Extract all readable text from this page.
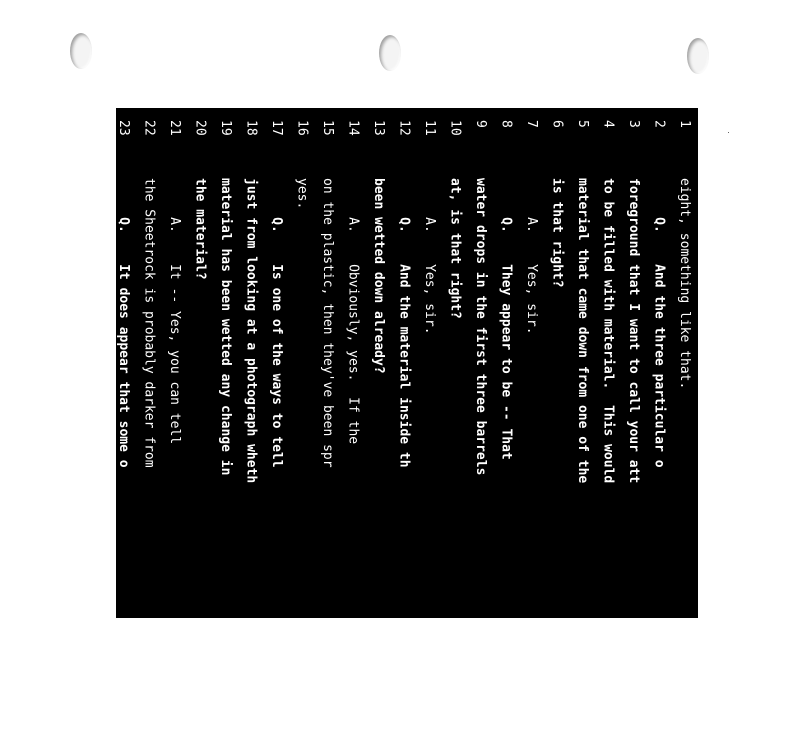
1eight, something like that.
2     Q.    And the three particular o
3foreground that I want to call your att
4to be filled with material.  This would
5material that came down from one of the
6is that right?
7     A.    Yes, sir.
8     Q.    They appear to be -- That
9water drops in the first three barrels
10at, is that right?
11     A.    Yes, sir.
12     Q.    And the material inside th
13been wetted down already?
14     A.    Obviously, yes.  If the
15on the plastic, then they've been spr
16yes.
17     Q.    Is one of the ways to tell
18just from looking at a photograph wheth
19material has been wetted any change in
20the material?
21     A.    It -- Yes, you can tell
22the Sheetrock is probably darker from
23     Q.    It does appear that some o
24material, as you described it, is darke
